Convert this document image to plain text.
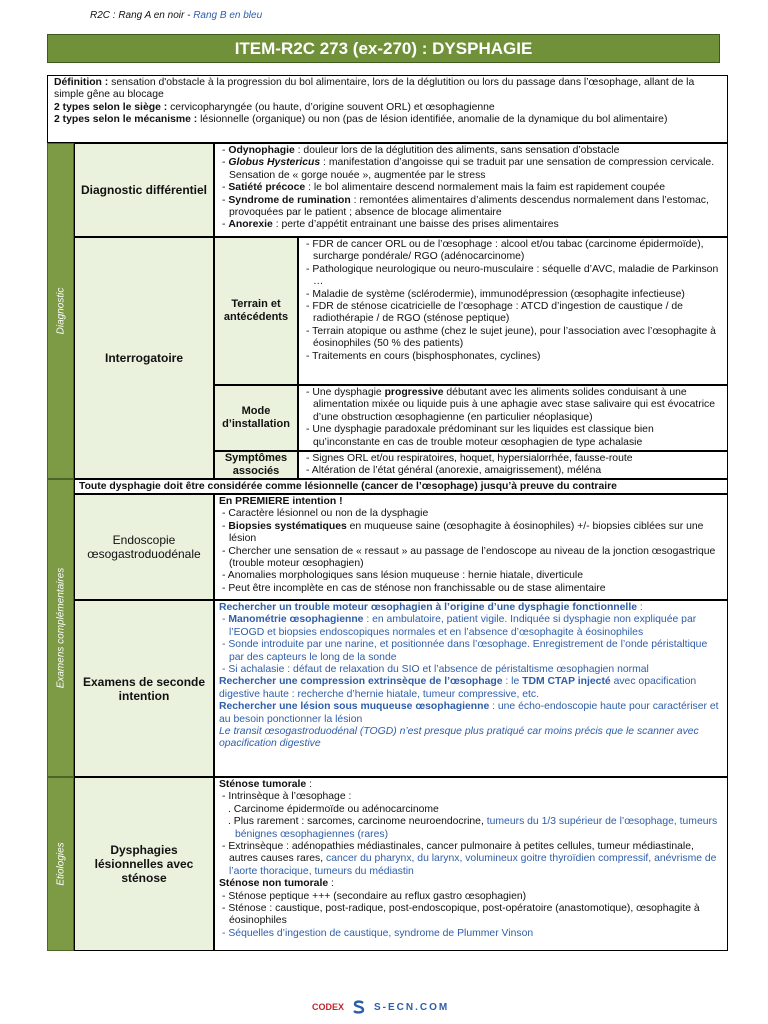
R2C : Rang A en noir - Rang B en bleu
ITEM-R2C 273 (ex-270) : DYSPHAGIE

Définition : sensation d'obstacle à la progression du bol alimentaire, lors de la déglutition ou lors du passage dans l’œsophage, allant de la simple gêne au blocage

2 types selon le siège : cervicopharyngée (ou haute, d’origine souvent ORL) et œsophagienne

2 types selon le mécanisme : lésionnelle (organique) ou non (pas de lésion identifiée, anomalie de la dynamique du bol alimentaire)

Diagnostic
Examens complémentaires
Etiologies
Diagnostic différentiel

- Odynophagie : douleur lors de la déglutition des aliments, sans sensation d’obstacle

- Globus Hystericus : manifestation d’angoisse qui se traduit par une sensation de compression cervicale. Sensation de « gorge nouée », augmentée par le stress

- Satiété précoce : le bol alimentaire descend normalement mais la faim est rapidement coupée

- Syndrome de rumination : remontées alimentaires d’aliments descendus normalement dans l’estomac, provoquées par le patient ; absence de blocage alimentaire

- Anorexie : perte d’appétit entrainant une baisse des prises alimentaires

Interrogatoire
Terrain et antécédents

- FDR de cancer ORL ou de l’œsophage : alcool et/ou tabac (carcinome épidermoïde), surcharge pondérale/ RGO (adénocarcinome)

- Pathologique neurologique ou neuro-musculaire : séquelle d’AVC, maladie de Parkinson …

- Maladie de système (sclérodermie), immunodépression (œsophagite infectieuse)

- FDR de sténose cicatricielle de l’œsophage : ATCD d’ingestion de caustique / de radiothérapie / de RGO (sténose peptique)

- Terrain atopique ou asthme (chez le sujet jeune), pour l’association avec l’œsophagite à éosinophiles (50 % des patients)

- Traitements en cours (bisphosphonates, cyclines)

Mode d’installation

- Une dysphagie progressive débutant avec les aliments solides conduisant à une alimentation mixée ou liquide puis à une aphagie avec stase salivaire qui est évocatrice d’une obstruction œsophagienne (en particulier néoplasique)

- Une dysphagie paradoxale prédominant sur les liquides est classique bien qu’inconstante en cas de trouble moteur œsophagien de type achalasie

Symptômes associés

- Signes ORL et/ou respiratoires, hoquet, hypersialorrhée, fausse-route

- Altération de l’état général (anorexie, amaigrissement), méléna

Toute dysphagie doit être considérée comme lésionnelle (cancer de l’œsophage) jusqu’à preuve du contraire
Endoscopie œsogastroduodénale

En PREMIERE intention !

- Caractère lésionnel ou non de la dysphagie

- Biopsies systématiques en muqueuse saine (œsophagite à éosinophiles) +/- biopsies ciblées sur une lésion

- Chercher une sensation de « ressaut » au passage de l’endoscope au niveau de la jonction œsogastrique (trouble moteur œsophagien)

- Anomalies morphologiques sans lésion muqueuse : hernie hiatale, diverticule

- Peut être incomplète en cas de sténose non franchissable ou de stase alimentaire

Examens de seconde intention

Rechercher un trouble moteur œsophagien à l’origine d’une dysphagie fonctionnelle :

- Manométrie œsophagienne : en ambulatoire, patient vigile. Indiquée si dysphagie non expliquée par l’EOGD et biopsies endoscopiques normales et en l’absence d’œsophagite à éosinophiles

- Sonde introduite par une narine, et positionnée dans l’œsophage. Enregistrement de l’onde péristaltique par des capteurs le long de la sonde

- Si achalasie : défaut de relaxation du SIO et l’absence de péristaltisme œsophagien normal

Rechercher une compression extrinsèque de l’œsophage : le TDM CTAP injecté avec opacification digestive haute : recherche d’hernie hiatale, tumeur compressive, etc.

Rechercher une lésion sous muqueuse œsophagienne : une écho-endoscopie haute pour caractériser et au besoin ponctionner la lésion

Le transit œsogastroduodénal (TOGD) n’est presque plus pratiqué car moins précis que le scanner avec opacification digestive

Dysphagies lésionnelles avec sténose

Sténose tumorale :

- Intrinsèque à l’œsophage :

. Carcinome épidermoïde ou adénocarcinome

. Plus rarement : sarcomes, carcinome neuroendocrine, tumeurs du 1/3 supérieur de l’œsophage, tumeurs bénignes œsophagiennes (rares)

- Extrinsèque : adénopathies médiastinales, cancer pulmonaire à petites cellules, tumeur médiastinale, autres causes rares, cancer du pharynx, du larynx, volumineux goitre thyroïdien compressif, anévrisme de l’aorte thoracique, tumeurs du médiastin

Sténose non tumorale :

- Sténose peptique +++ (secondaire au reflux gastro œsophagien)

- Sténose : caustique, post-radique, post-endoscopique, post-opératoire (anastomotique), œsophagite à éosinophiles

- Séquelles d’ingestion de caustique, syndrome de Plummer Vinson

CODEX	S-ECN.COM
